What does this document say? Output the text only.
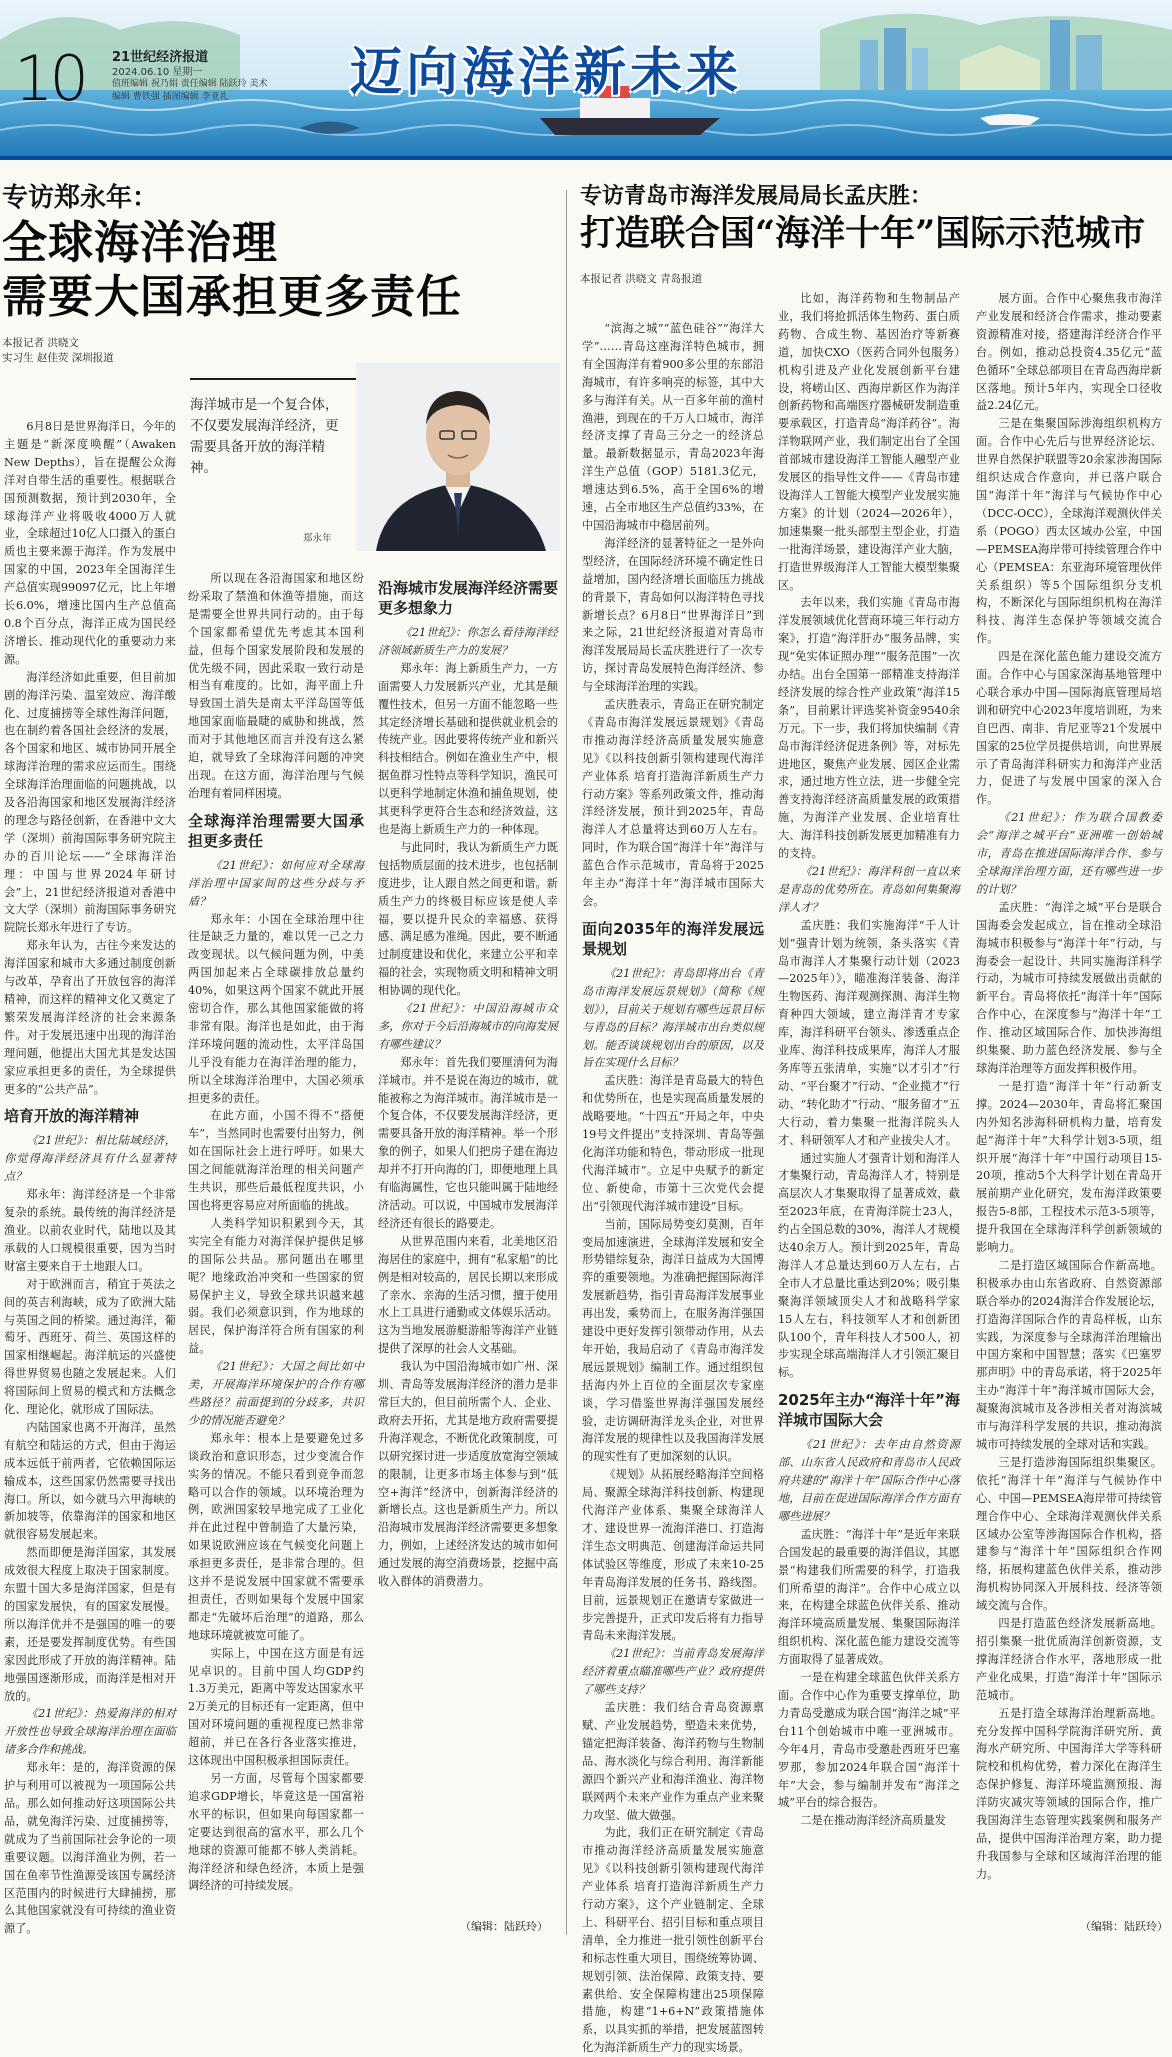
10 21世纪经济报道
2024.06.10 星期一
值班编辑 祝乃娟 责任编辑 陆跃玲 美术编辑 曹铁强 插图编辑 李亚礼	迈向海洋新未来

专访郑永年：

全球海洋治理

需要大国承担更多责任

本报记者 洪晓文
实习生 赵佳荧 深圳报道
海洋城市是一个复合体，不仅要发展海洋经济，更需要具备开放的海洋精神。
郑永年

6月8日是世界海洋日，今年的主题是“新深度唤醒”（Awaken New Depths），旨在提醒公众海洋对自带生活的重要性。根据联合国预测数据，预计到2030年，全球海洋产业将吸收4000万人就业，全球超过10亿人口摄入的蛋白质也主要来源于海洋。作为发展中国家的中国，2023年全国海洋生产总值实现99097亿元，比上年增长6.0%，增速比国内生产总值高0.8个百分点，海洋正成为国民经济增长、推动现代化的重要动力来源。

海洋经济如此重要，但目前加剧的海洋污染、温室效应、海洋酸化、过度捕捞等全球性海洋问题，也在制约着各国社会经济的发展，各个国家和地区、城市协同开展全球海洋治理的需求应运而生。围绕全球海洋治理面临的问题挑战，以及各沿海国家和地区发展海洋经济的理念与路径创新，在香港中文大学（深圳）前海国际事务研究院主办的百川论坛——“全球海洋治理：中国与世界2024年研讨会”上，21世纪经济报道对香港中文大学（深圳）前海国际事务研究院院长郑永年进行了专访。

郑永年认为，古往今来发达的海洋国家和城市大多通过制度创新与改革，孕育出了开放包容的海洋精神，而这样的精神文化又奠定了繁荣发展海洋经济的社会来源条件。对于发展迅速中出现的海洋治理问题，他提出大国尤其是发达国家应承担更多的责任，为全球提供更多的“公共产品”。

培育开放的海洋精神

《21世纪》：相比陆域经济，你觉得海洋经济具有什么显著特点？

郑永年：海洋经济是一个非常复杂的系统。最传统的海洋经济是渔业。以前农业时代，陆地以及其承载的人口规模很重要，因为当时财富主要来自于土地跟人口。

对于欧洲而言，稍宜于英法之间的英吉利海峡，成为了欧洲大陆与英国之间的桥梁。通过海洋，葡萄牙、西班牙、荷兰、英国这样的国家相继崛起。海洋航运的兴盛使得世界贸易也随之发展起来。人们将国际间上贸易的模式和方法概念化、理论化，就形成了国际法。

内陆国家也离不开海洋，虽然有航空和陆运的方式，但由于海运成本远低于前两者，它依赖国际运输成本，这些国家仍然需要寻找出海口。所以，如今就马六甲海峡的新加坡等，依靠海洋的国家和地区就很容易发展起来。

然而即便是海洋国家，其发展成效很大程度上取决于国家制度。东盟十国大多是海洋国家，但是有的国家发展快，有的国家发展慢。所以海洋优并不是强国的唯一的要素，还是要发挥制度优势。有些国家因此形成了开放的海洋精神。陆地强国逐渐形成，而海洋是相对开放的。

《21世纪》：热爱海洋的相对开放性也导致全球海洋治理在面临诸多合作和挑战。

郑永年：是的，海洋资源的保护与利用可以被视为一项国际公共品。那么如何推动好这项国际公共品，就免海洋污染、过度捕捞等，就成为了当前国际社会争论的一项重要议题。以海洋渔业为例，若一国在鱼率节性渔源受该国专属经济区范围内的时候进行大肆捕捞，那么其他国家就没有可持续的渔业资源了。

所以现在各沿海国家和地区纷纷采取了禁渔和休渔等措施，而这是需要全世界共同行动的。由于每个国家都希望优先考虑其本国利益，但每个国家发展阶段和发展的优先级不同，因此采取一致行动是相当有难度的。比如，海平面上升导致国土消失是南太平洋岛国等低地国家面临最睫的威胁和挑战，然而对于其他地区而言并没有这么紧迫，就导致了全球海洋问题的冲突出现。在这方面，海洋治理与气候治理有着同样困境。

全球海洋治理需要大国承担更多责任

《21世纪》：如何应对全球海洋治理中国家间的这些分歧与矛盾？

郑永年：小国在全球治理中往往是缺乏力量的，难以凭一己之力改变现状。以气候问题为例，中美两国加起来占全球碳排放总量约40%，如果这两个国家不就此开展密切合作，那么其他国家能做的将非常有限。海洋也是如此，由于海洋环境问题的流动性，太平洋岛国儿乎没有能力在海洋治理的能力，所以全球海洋治理中，大国必须承担更多的责任。

在此方面，小国不得不“搭便车”，当然同时也需要付出努力，例如在国际社会上进行呼吁。如果大国之间能就海洋治理的相关问题产生共识，那些后最低程度共识，小国也将更容易应对所面临的挑战。

人类科学知识积累到今天，其实完全有能力对海洋保护提供足够的国际公共品。那问题出在哪里呢？地缘政治冲突和一些国家的贸易保护主义，导致全球共识越来越弱。我们必须意识到，作为地球的居民，保护海洋符合所有国家的利益。

《21世纪》：大国之间比如中美，开展海洋环境保护的合作有哪些路径？前面提到的分歧多，共识少的情况能否避免？

郑永年：根本上是要避免过多谈政治和意识形态，过少变流合作实务的情况。不能只看到竞争而忽略可以合作的领域。以环境治理为例，欧洲国家较早地完成了工业化并在此过程中曾制造了大量污染，如果说欧洲应该在气候变化问题上承担更多责任，是非常合理的。但这并不是说发展中国家就不需要承担责任，否则如果每个发展中国家都走“先破坏后治理”的道路，那么地球环境就被宽可能了。

实际上，中国在这方面是有远见卓识的。目前中国人均GDP约1.3万美元，距离中等发达国家水平2万美元的目标还有一定距离，但中国对环境问题的重视程度已然非常超前，并已在各行各业落实推进，这体现出中国积极承担国际责任。

另一方面，尽管每个国家都要追求GDP增长，毕竟这是一国富裕水平的标识，但如果向每国家都一定要达到很高的富水平，那么几个地球的资源可能都不够人类消耗。海洋经济和绿色经济，本质上是强调经济的可持续发展。

沿海城市发展海洋经济需要更多想象力

《21世纪》：你怎么看待海洋经济领域新质生产力的发展？

郑永年：海上新质生产力，一方面需要人力发展新兴产业，尤其是颠覆性技术，但另一方面不能忽略一些其定经济增长基础和提供就业机会的传统产业。因此要将传统产业和新兴科技相结合。例如在渔业生产中，根据鱼群习性特点等科学知识，渔民可以更科学地制定休渔和捕鱼规划，使其更科学更符合生态和经济效益，这也是海上新质生产力的一种体现。

与此同时，我认为新质生产力既包括物质层面的技术进步，也包括制度进步，让人跟自然之间更和谐。新质生产力的终极目标应该是使人幸福，要以提升民众的幸福感、获得感、满足感为准绳。因此，要不断通过制度建设和优化，来建立公平和幸福的社会，实现物质文明和精神文明相协调的现代化。

《21世纪》：中国沿海城市众多，你对于今后沿海城市的向海发展有哪些建议？

郑永年：首先我们要厘清何为海洋城市。并不是说在海边的城市，就能被称之为海洋城市。海洋城市是一个复合体，不仅要发展海洋经济，更需要具备开放的海洋精神。举一个形象的例子，如果人们把房子建在海边却并不打开向海的门，即便地理上具有临海属性，它也只能叫属于陆地经济活动。可以说，中国城市发展海洋经济还有很长的路要走。

从世界范围内来看，北美地区沿海居住的家庭中，拥有“私家船”的比例是相对较高的，居民长期以来形成了亲水、亲海的生活习惯，擅于使用水上工具进行通勤或文体娱乐活动。这为当地发展游艇游船等海洋产业链提供了深厚的社会人文基础。

我认为中国沿海城市如广州、深圳、青岛等发展海洋经济的潜力是非常巨大的，但目前所需个人、企业、政府去开拓，尤其是地方政府需要提升海洋观念，不断优化政策制度，可以研究探讨进一步适度放宽海空领域的限制，让更多市场主体参与到“低空+海洋”经济中，创新海洋经济的新增长点。这也是新质生产力。所以沿海城市发展海洋经济需要更多想象力，例如，上述经济发达的城市如何通过发展的海空消费场景，挖掘中高收入群体的消费潜力。

（编辑：陆跃玲）

专访青岛市海洋发展局局长孟庆胜：

打造联合国“海洋十年”国际示范城市

本报记者 洪晓文 青岛报道

“滨海之城”“蓝色硅谷”“海洋大学”……青岛这座海洋特色城市，拥有全国海洋有着900多公里的东部沿海城市，有许多响亮的标签，其中大多与海洋有关。从一百多年前的渔村渔港，到现在的千万人口城市，海洋经济支撑了青岛三分之一的经济总量。最新数据显示，青岛2023年海洋生产总值（GOP）5181.3亿元，增速达到6.5%，高于全国6%的增速，占全市地区生产总值约33%，在中国沿海城市中稳居前列。

海洋经济的显著特征之一是外向型经济，在国际经济环境不确定性日益增加，国内经济增长面临压力挑战的背景下，青岛如何以海洋特色寻找新增长点？6月8日“世界海洋日”到来之际，21世纪经济报道对青岛市海洋发展局局长孟庆胜进行了一次专访，探讨青岛发展特色海洋经济、参与全球海洋治理的实践。

孟庆胜表示，青岛正在研究制定《青岛市海洋发展远景规划》《青岛市推动海洋经济高质量发展实施意见》《以科技创新引领构建现代海洋产业体系 培育打造海洋新质生产力行动方案》等系列政策文件，推动海洋经济发展，预计到2025年，青岛海洋人才总量将达到60万人左右。同时，作为联合国“海洋十年”海洋与蓝色合作示范城市，青岛将于2025年主办“海洋十年”海洋城市国际大会。

面向2035年的海洋发展远景规划

《21世纪》：青岛即将出台《青岛市海洋发展远景规划》（简称《规划》），目前关于规划有哪些远景目标与青岛的目标？海洋城市出台类似规划。能否谈谈规划出台的原因，以及旨在实现什么目标？

孟庆胜：海洋是青岛最大的特色和优势所在，也是实现高质量发展的战略要地。“十四五”开局之年，中央19号文件提出“支持深圳、青岛等强化海洋功能和特色，带动形成一批现代海洋城市”。立足中央赋予的新定位、新使命，市第十三次党代会提出“引领现代海洋城市建设”目标。

当前，国际局势变幻莫测，百年变局加速演进，全球海洋发展和安全形势错综复杂，海洋日益成为大国博弈的重要领地。为准确把握国际海洋发展新趋势，指引青岛海洋发展事业再出发，乘势而上，在服务海洋强国建设中更好发挥引领带动作用，从去年开始，我局启动了《青岛市海洋发展远景规划》编制工作。通过组织包括海内外上百位的全面层次专家座谈，学习借鉴世界海洋强国发展经验，走访调研海洋龙头企业，对世界海洋发展的规律性以及我国海洋发展的现实性有了更加深刻的认识。

《规划》从拓展经略海洋空间格局、聚源全球海洋科技创新、构建现代海洋产业体系、集聚全球海洋人才、建设世界一流海洋港口、打造海洋生态文明典范、创建海洋命运共同体试验区等维度，形成了未来10-25年青岛海洋发展的任务书、路线图。目前，远景规划正在邀请专家做进一步完善提升，正式印发后将有力指导青岛未来海洋发展。

《21世纪》：当前青岛发展海洋经济着重点瞄准哪些产业？政府提供了哪些支持？

孟庆胜：我们结合青岛资源禀赋、产业发展趋势，塑造未来优势，锚定把海洋装备、海洋药物与生物制品、海水淡化与综合利用、海洋新能源四个新兴产业和海洋渔业、海洋物联网两个未来产业作为重点产业来聚力攻坚、做大做强。

为此，我们正在研究制定《青岛市推动海洋经济高质量发展实施意见》《以科技创新引领构建现代海洋产业体系 培育打造海洋新质生产力行动方案》，这个产业链制定、全球上、科研平台、招引目标和重点项目清单，全力推进一批引领性创新平台和标志性重大项目，围绕统筹协调、规划引领、法治保障、政策支持、要素供给、安全保障构建出25项保障措施，构建“1+6+N”政策措施体系，以具实抓的举措，把发展蓝图转化为海洋新质生产力的现实场景。

比如，海洋药物和生物制品产业，我们将抢抓活体生物药、蛋白质药物、合成生物、基因治疗等新赛道，加快CXO（医药合同外包服务）机构引进及产业化发展创新平台建设，将崂山区、西海岸新区作为海洋创新药物和高端医疗器械研发制造重要承载区，打造青岛“海洋药谷”。海洋物联网产业，我们制定出台了全国首部城市建设海洋工智能人融型产业发展区的指导性文件——《青岛市建设海洋人工智能大模型产业发展实施方案》的计划（2024—2026年），加速集聚一批头部型主型企业，打造一批海洋场景，建设海洋产业大脑，打造世界级海洋人工智能大模型集聚区。

去年以来，我们实施《青岛市海洋发展领域优化营商环境三年行动方案》，打造“海洋肝办”服务品牌，实现“免实体证照办理”“服务范围”一次办结。出台全国第一部精准支持海洋经济发展的综合性产业政策“海洋15条”，目前累计评选奖补资金9540余万元。下一步，我们将加快编制《青岛市海洋经济促进条例》等，对标先进地区，聚焦产业发展、园区企业需求，通过地方性立法，进一步健全完善支持海洋经济高质量发展的政策措施，为海洋产业发展、企业培育壮大、海洋科技创新发展更加精准有力的支持。

《21世纪》：海洋科创一直以来是青岛的优势所在。青岛如何集聚海洋人才？

孟庆胜：我们实施海洋“千人计划”强青计划为统领，条头落实《青岛市海洋人才集聚行动计划（2023—2025年）》，瞄准海洋装备、海洋生物医药、海洋观测探测、海洋生物育种四大领域，建立海洋青才专家库，海洋科研平台领头、渗透重点企业库、海洋科技成果库，海洋人才服务库等五张清单，实施“以才引才”行动、“平台聚才”行动、“企业揽才”行动、“转化助才”行动、“服务留才”五大行动，着力集聚一批海洋院头人才、科研领军人才和产业拔尖人才。

通过实施人才强青计划和海洋人才集聚行动，青岛海洋人才，特别是高层次人才集聚取得了显著成效，截至2023年底，在青海洋院士23人，约占全国总数的30%，海洋人才规模达40余万人。预计到2025年，青岛海洋人才总量达到60万人左右，占全市人才总量比重达到20%；吸引集聚海洋领域顶尖人才和战略科学家15人左右，科技领军人才和创新团队100个，青年科技人才500人，初步实现全球高端海洋人才引领汇聚目标。

2025年主办“海洋十年”海洋城市国际大会

《21世纪》：去年由自然资源部、山东省人民政府和青岛市人民政府共建的“海洋十年”国际合作中心落地，目前在促进国际海洋合作方面有哪些进展？

孟庆胜：“海洋十年”是近年来联合国发起的最重要的海洋倡议，其愿景“构建我们所需要的科学，打造我们所希望的海洋”。合作中心成立以来，在构建全球蓝色伙伴关系、推动海洋环境高质量发展、集聚国际海洋组织机构、深化蓝色能力建设交流等方面取得了显著成效。

一是在构建全球蓝色伙伴关系方面。合作中心作为重要支撑单位，助力青岛受邀成为联合国“海洋之城”平台11个创始城市中唯一亚洲城市。今年4月，青岛市受邀赴西班牙巴塞罗那，参加2024年联合国“海洋十年”大会，参与编制并发布“海洋之城”平台的综合报告。

二是在推动海洋经济高质量发

展方面。合作中心聚焦我市海洋产业发展和经济合作需求，推动要素资源精准对接，搭建海洋经济合作平台。例如，推动总投资4.35亿元“蓝色循环”全球总部项目在青岛西海岸新区落地。预计5年内，实现全口径收益2.24亿元。

三是在集聚国际涉海组织机构方面。合作中心先后与世界经济论坛、世界自然保护联盟等20余家涉海国际组织达成合作意向，并已落户联合国“海洋十年”海洋与气候协作中心（DCC-OCC），全球海洋观测伙伴关系（POGO）西太区域办公室，中国—PEMSEA海岸带可持续管理合作中心（PEMSEA：东亚海环境管理伙伴关系组织）等5个国际组织分支机构，不断深化与国际组织机构在海洋科技、海洋生态保护等领域交流合作。

四是在深化蓝色能力建设交流方面。合作中心与国家深海基地管理中心联合承办中国—国际海底管理局培训和研究中心2023年度培训班，为来自巴西、南非、肯尼亚等21个发展中国家的25位学员提供培训，向世界展示了青岛海洋科研实力和海洋产业活力，促进了与发展中国家的深入合作。

《21世纪》：作为联合国教委会“海洋之城平台”亚洲唯一创始城市，青岛在推进国际海洋合作、参与全球海洋治理方面，还有哪些进一步的计划？

孟庆胜：“海洋之城”平台是联合国海委会发起成立，旨在推动全球沿海城市积极参与“海洋十年”行动，与海委会一起设计、共同实施海洋科学行动，为城市可持续发展做出贡献的新平台。青岛将依托“海洋十年”国际合作中心，在深度参与“海洋十年”工作、推动区域国际合作、加快涉海组织集聚、助力蓝色经济发展、参与全球海洋治理等方面发挥积极作用。

一是打造“海洋十年”行动新支撑。2024—2030年，青岛将汇聚国内外知名涉海科研机构力量，培育发起“海洋十年”大科学计划3-5项，组织开展“海洋十年”中国行动项目15-20项，推动5个大科学计划在青岛开展前期产业化研究，发布海洋政策要报告5-8部，工程技术示范3-5项等，提升我国在全球海洋科学创新领域的影响力。

二是打造区域国际合作新高地。积极承办由山东省政府、自然资源部联合举办的2024海洋合作发展论坛，打造海洋国际合作的青岛样板，山东实践，为深度参与全球海洋治理输出中国方案和中国智慧；落实《巴塞罗那声明》中的青岛承诺，将于2025年主办“海洋十年”海洋城市国际大会，凝聚海滨城市及各涉相关者对海滨城市与海洋科学发展的共识，推动海滨城市可持续发展的全球对话和实践。

三是打造涉海国际组织集聚区。依托“海洋十年”海洋与气候协作中心、中国—PEMSEA海岸带可持续管理合作中心、全球海洋观测伙伴关系区域办公室等涉海国际合作机构，搭建参与“海洋十年”国际组织合作网络，拓展构建蓝色伙伴关系，推动涉海机构协同深入开展科技、经济等领域交流与合作。

四是打造蓝色经济发展新高地。招引集聚一批优质海洋创新资源，支撑海洋经济合作水平，落地形成一批产业化成果，打造“海洋十年”国际示范城市。

五是打造全球海洋治理新高地。充分发挥中国科学院海洋研究所、黄海水产研究所、中国海洋大学等科研院校和机构优势，着力深化在海洋生态保护修复、海洋环境监测预报、海洋防灾减灾等领域的国际合作，推广我国海洋生态管理实践案例和服务产品，提供中国海洋治理方案，助力提升我国参与全球和区域海洋治理的能力。

（编辑：陆跃玲）
